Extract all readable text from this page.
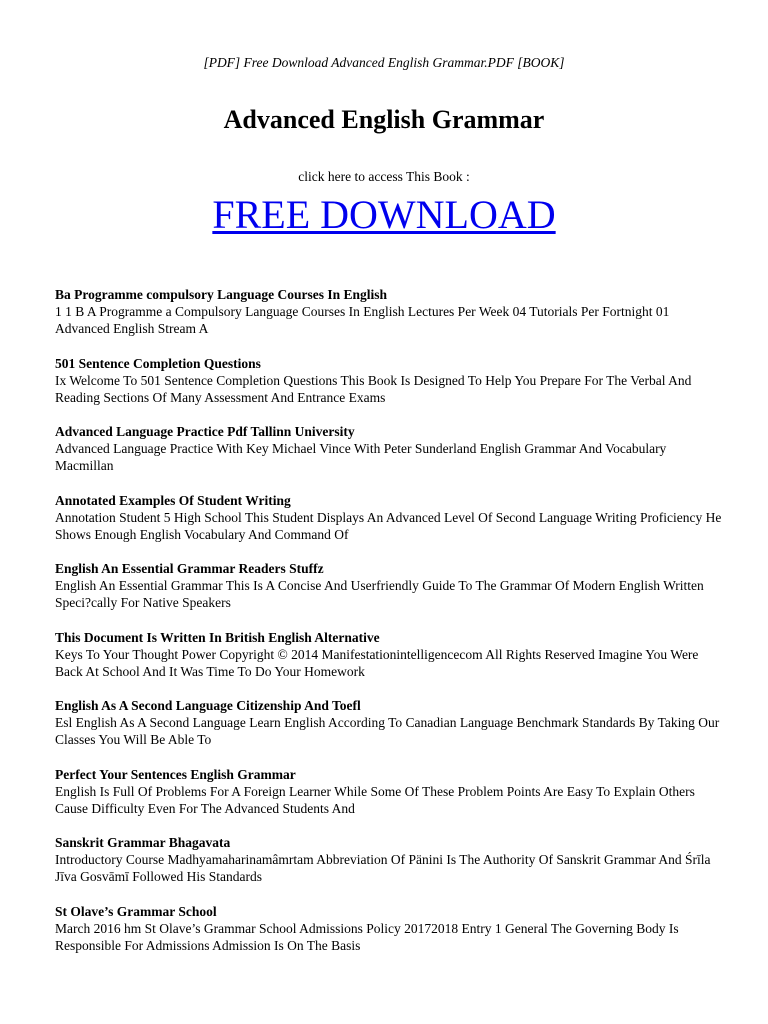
[PDF] Free Download Advanced English Grammar.PDF [BOOK]
Advanced English Grammar
click here to access This Book :
FREE DOWNLOAD

Ba Programme compulsory Language Courses In English

1 1 B A Programme a Compulsory Language Courses In English Lectures Per Week 04 Tutorials Per Fortnight 01 Advanced English Stream A

501 Sentence Completion Questions

Ix Welcome To 501 Sentence Completion Questions This Book Is Designed To Help You Prepare For The Verbal And Reading Sections Of Many Assessment And Entrance Exams

Advanced Language Practice Pdf Tallinn University

Advanced Language Practice With Key Michael Vince With Peter Sunderland English Grammar And Vocabulary Macmillan

Annotated Examples Of Student Writing

Annotation Student 5 High School This Student Displays An Advanced Level Of Second Language Writing Proficiency He Shows Enough English Vocabulary And Command Of

English An Essential Grammar Readers Stuffz

English An Essential Grammar This Is A Concise And Userfriendly Guide To The Grammar Of Modern English Written Speci?cally For Native Speakers

This Document Is Written In British English Alternative

Keys To Your Thought Power Copyright © 2014 Manifestationintelligencecom All Rights Reserved Imagine You Were Back At School And It Was Time To Do Your Homework

English As A Second Language Citizenship And Toefl

Esl English As A Second Language Learn English According To Canadian Language Benchmark Standards By Taking Our Classes You Will Be Able To

Perfect Your Sentences English Grammar

English Is Full Of Problems For A Foreign Learner While Some Of These Problem Points Are Easy To Explain Others Cause Difficulty Even For The Advanced Students And

Sanskrit Grammar Bhagavata

Introductory Course Madhyamaharinamâmrtam Abbreviation Of Pänini Is The Authority Of Sanskrit Grammar And Śrīla Jīva Gosvāmī Followed His Standards

St Olave’s Grammar School

March 2016 hm St Olave’s Grammar School Admissions Policy 20172018 Entry 1 General The Governing Body Is Responsible For Admissions Admission Is On The Basis
